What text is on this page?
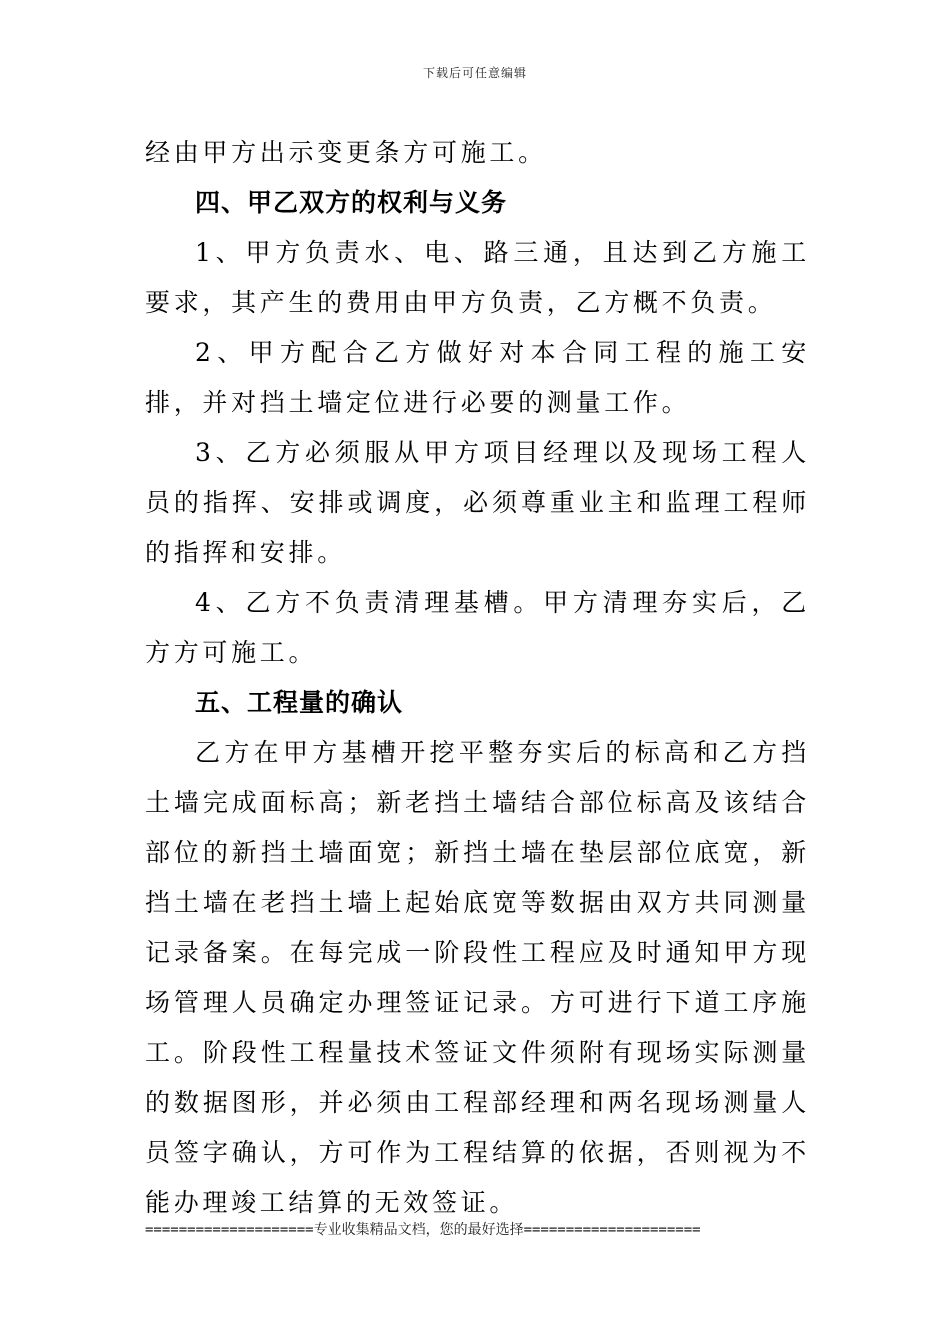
下载后可任意编辑

经由甲方出示变更条方可施工。

四、甲乙双方的权利与义务

1、甲方负责水、电、路三通，且达到乙方施工要求，其产生的费用由甲方负责，乙方概不负责。

2、甲方配合乙方做好对本合同工程的施工安排，并对挡土墙定位进行必要的测量工作。

3、乙方必须服从甲方项目经理以及现场工程人员的指挥、安排或调度，必须尊重业主和监理工程师的指挥和安排。

4、乙方不负责清理基槽。甲方清理夯实后，乙方方可施工。

五、工程量的确认

乙方在甲方基槽开挖平整夯实后的标高和乙方挡土墙完成面标高；新老挡土墙结合部位标高及该结合部位的新挡土墙面宽；新挡土墙在垫层部位底宽，新挡土墙在老挡土墙上起始底宽等数据由双方共同测量记录备案。在每完成一阶段性工程应及时通知甲方现场管理人员确定办理签证记录。方可进行下道工序施工。阶段性工程量技术签证文件须附有现场实际测量的数据图形，并必须由工程部经理和两名现场测量人员签字确认，方可作为工程结算的依据，否则视为不能办理竣工结算的无效签证。

====================专业收集精品文档，您的最好选择=====================
